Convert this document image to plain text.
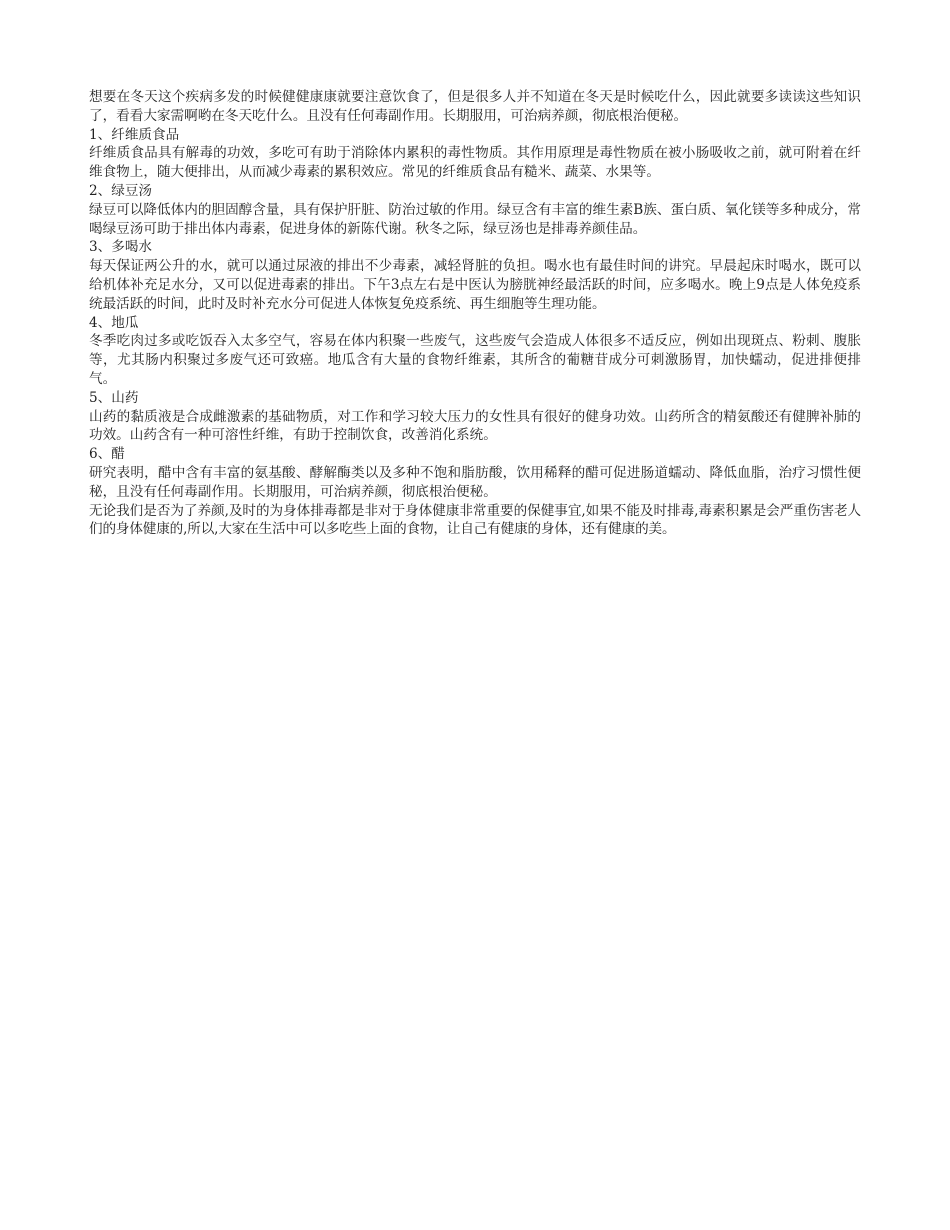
想要在冬天这个疾病多发的时候健健康康就要注意饮食了，但是很多人并不知道在冬天是时候吃什么，因此就要多读读这些知识了，看看大家需啊哟在冬天吃什么。且没有任何毒副作用。长期服用，可治病养颜，彻底根治便秘。

1、纤维质食品

纤维质食品具有解毒的功效，多吃可有助于消除体内累积的毒性物质。其作用原理是毒性物质在被小肠吸收之前，就可附着在纤维食物上，随大便排出，从而减少毒素的累积效应。常见的纤维质食品有糙米、蔬菜、水果等。

2、绿豆汤

绿豆可以降低体内的胆固醇含量，具有保护肝脏、防治过敏的作用。绿豆含有丰富的维生素B族、蛋白质、氧化镁等多种成分，常喝绿豆汤可助于排出体内毒素，促进身体的新陈代谢。秋冬之际，绿豆汤也是排毒养颜佳品。

3、多喝水

每天保证两公升的水，就可以通过尿液的排出不少毒素，减轻肾脏的负担。喝水也有最佳时间的讲究。早晨起床时喝水，既可以给机体补充足水分，又可以促进毒素的排出。下午3点左右是中医认为膀胱神经最活跃的时间，应多喝水。晚上9点是人体免疫系统最活跃的时间，此时及时补充水分可促进人体恢复免疫系统、再生细胞等生理功能。

4、地瓜

冬季吃肉过多或吃饭吞入太多空气，容易在体内积聚一些废气，这些废气会造成人体很多不适反应，例如出现斑点、粉刺、腹胀等，尤其肠内积聚过多废气还可致癌。地瓜含有大量的食物纤维素，其所含的葡糖苷成分可刺激肠胃，加快蠕动，促进排便排气。

5、山药

山药的黏质液是合成雌激素的基础物质，对工作和学习较大压力的女性具有很好的健身功效。山药所含的精氨酸还有健脾补肺的功效。山药含有一种可溶性纤维，有助于控制饮食，改善消化系统。

6、醋

研究表明，醋中含有丰富的氨基酸、酵解酶类以及多种不饱和脂肪酸，饮用稀释的醋可促进肠道蠕动、降低血脂，治疗习惯性便秘，且没有任何毒副作用。长期服用，可治病养颜，彻底根治便秘。

无论我们是否为了养颜,及时的为身体排毒都是非对于身体健康非常重要的保健事宜,如果不能及时排毒,毒素积累是会严重伤害老人们的身体健康的,所以,大家在生活中可以多吃些上面的食物，让自己有健康的身体，还有健康的美。
